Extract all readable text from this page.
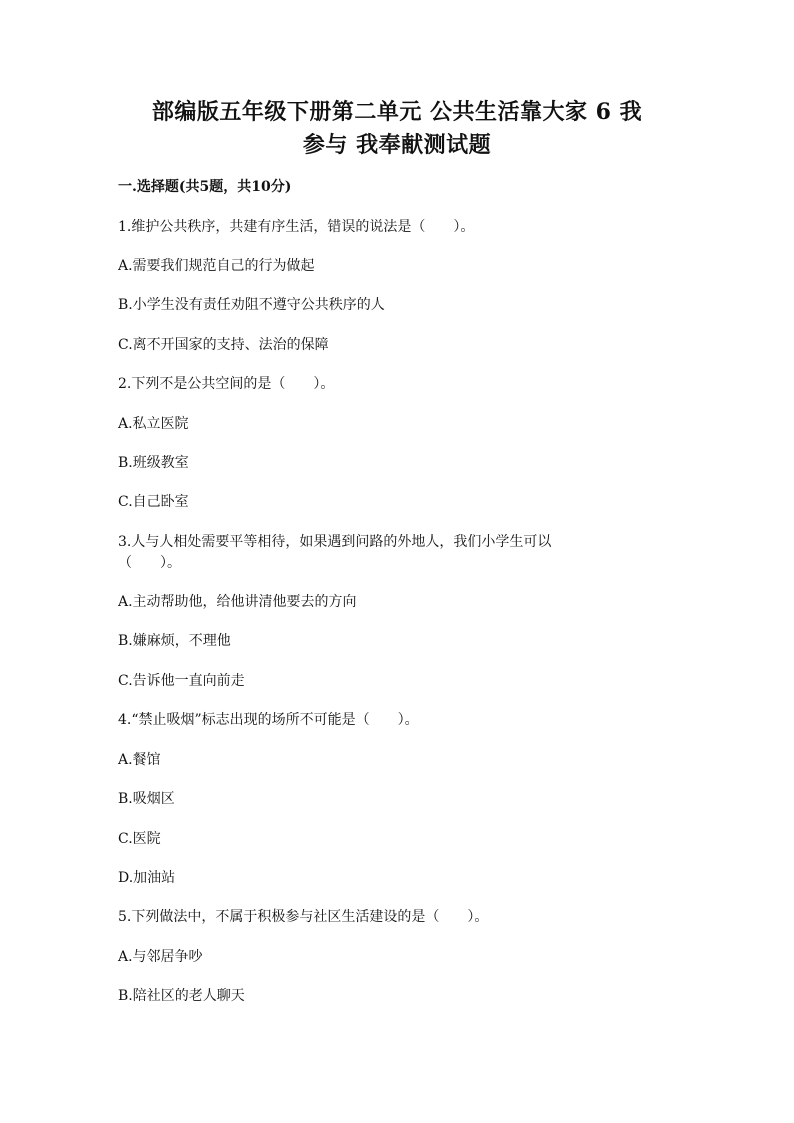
部编版五年级下册第二单元 公共生活靠大家 6 我
参与 我奉献测试题
一.选择题(共5题，共10分)
1.维护公共秩序，共建有序生活，错误的说法是（　　）。
A.需要我们规范自己的行为做起
B.小学生没有责任劝阻不遵守公共秩序的人
C.离不开国家的支持、法治的保障
2.下列不是公共空间的是（　　）。
A.私立医院
B.班级教室
C.自己卧室
3.人与人相处需要平等相待，如果遇到问路的外地人，我们小学生可以
（　　）。
A.主动帮助他，给他讲清他要去的方向
B.嫌麻烦，不理他
C.告诉他一直向前走
4.“禁止吸烟”标志出现的场所不可能是（　　）。
A.餐馆
B.吸烟区
C.医院
D.加油站
5.下列做法中，不属于积极参与社区生活建设的是（　　）。
A.与邻居争吵
B.陪社区的老人聊天
